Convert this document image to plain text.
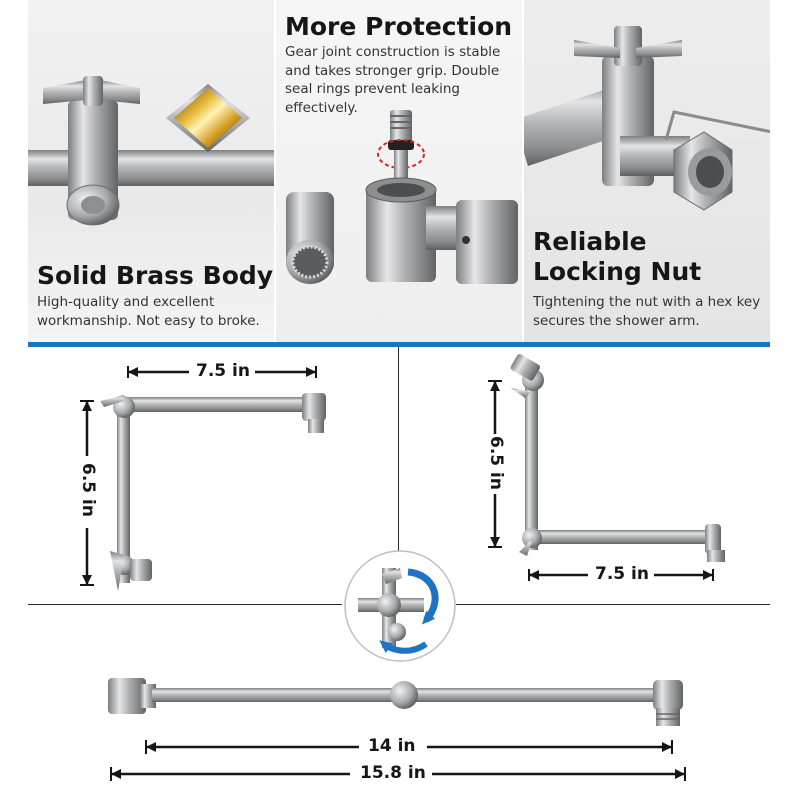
Solid Brass Body
High-quality and excellent workmanship. Not easy to broke.
More Protection
Gear joint construction is stable and takes stronger grip. Double seal rings prevent leaking effectively.
Reliable
Locking Nut
Tightening the nut with a hex key secures the shower arm.
7.5 in
6.5 in
6.5 in
7.5 in
14 in
15.8 in
